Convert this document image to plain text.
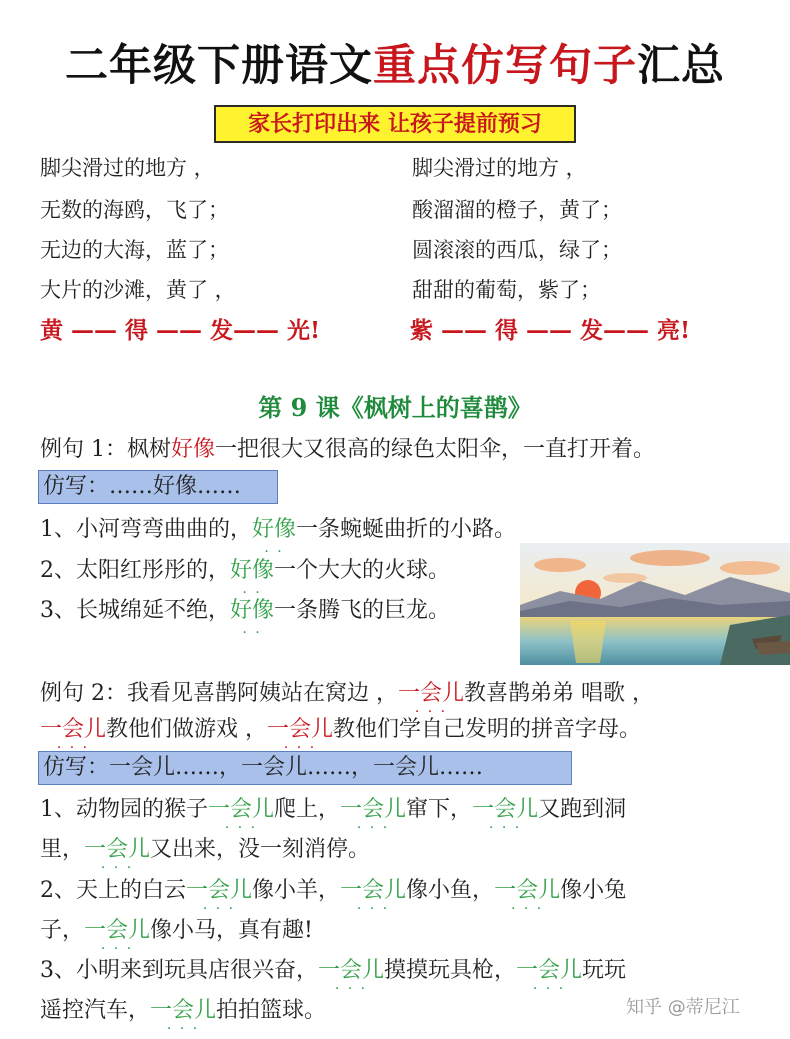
二年级下册语文重点仿写句子汇总
家长打印出来 让孩子提前预习
脚尖滑过的地方 ，
无数的海鸥，飞了；
无边的大海，蓝了；
大片的沙滩，黄了 ，
脚尖滑过的地方 ，
酸溜溜的橙子，黄了；
圆滚滚的西瓜，绿了；
甜甜的葡萄，紫了；
黄 —— 得 —— 发—— 光!	紫 —— 得 —— 发—— 亮!
第 9 课《枫树上的喜鹊》
例句 1：枫树好像 . .一把很大又很高的绿色太阳伞，一直打开着。
仿写：……好像……
1、小河弯弯曲曲的，好像 . .一条蜿蜒曲折的小路。
2、太阳红彤彤的，好像 . .一个大大的火球。
3、长城绵延不绝，好像 . .一条腾飞的巨龙。
例句 2：我看见喜鹊阿姨站在窝边 ，一会儿 · · ·教喜鹊弟弟 唱歌 ，
一会儿 · · ·教他们做游戏 ，一会儿 · · ·教他们学自己发明的拼音字母。
仿写：一会儿……，一会儿……，一会儿……
1、动物园的猴子一会儿 · · ·爬上，一会儿 · · ·窜下，一会儿 · · ·又跑到洞
里，一会儿 · · ·又出来，没一刻消停。
2、天上的白云一会儿 · · ·像小羊，一会儿 · · ·像小鱼，一会儿 · · ·像小兔
子，一会儿 · · ·像小马，真有趣!
3、小明来到玩具店很兴奋，一会儿 · · ·摸摸玩具枪，一会儿 · · ·玩玩
遥控汽车，一会儿 · · ·拍拍篮球。	知乎 @蒂尼江
